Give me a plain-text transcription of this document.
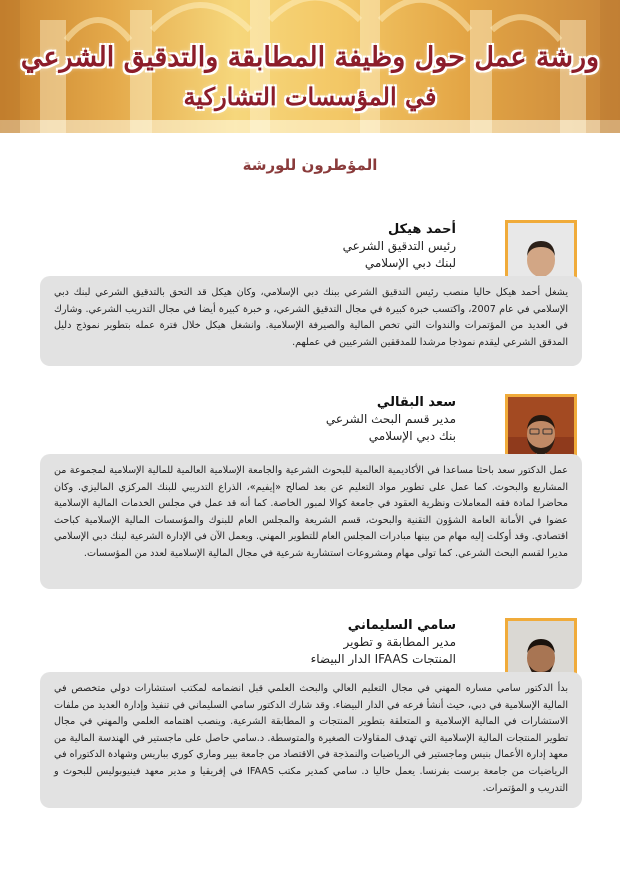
ورشة عمل حول وظيفة المطابقة والتدقيق الشرعي
في المؤسسات التشاركية
المؤطرون للورشة
أحمد هيكل
رئيس التدقيق الشرعي
لبنك دبي الإسلامي

يشغل أحمد هيكل حاليا منصب رئيس التدقيق الشرعي ببنك دبي الإسلامي، وكان هيكل قد التحق بالتدقيق الشرعي لبنك دبي الإسلامي في عام 2007، واكتسب خبرة كبيرة في مجال التدقيق الشرعي، و خبرة كبيرة أيضا في مجال التدريب الشرعي. وشارك في العديد من المؤتمرات والندوات التي تخص المالية والصيرفة الإسلامية. وانشغل هيكل خلال فترة عمله بتطوير نموذج دليل المدقق الشرعي ليقدم نموذجا مرشدا للمدققين الشرعيين في عملهم.

سعد البقالي
مدير قسم البحث الشرعي
بنك دبي الإسلامي

عمل الدكتور سعد باحثا مساعدا في الأكاديمية العالمية للبحوث الشرعية والجامعة الإسلامية العالمية للمالية الإسلامية لمجموعة من المشاريع والبحوث. كما عمل على تطوير مواد التعليم عن بعد لصالح «إيفيم»، الذراع التدريبي للبنك المركزي الماليزي. وكان محاضرا لمادة فقه المعاملات ونظرية العقود في جامعة كوالا لمبور الخاصة. كما أنه قد عمل في مجلس الخدمات المالية الإسلامية عضوا في الأمانة العامة الشؤون التقنية والبحوث، قسم الشريعة والمجلس العام للبنوك والمؤسسات المالية الإسلامية كباحث اقتصادي. وقد أوكلت إليه مهام من بينها مبادرات المجلس العام للتطوير المهني. ويعمل الآن في الإدارة الشرعية لبنك دبي الإسلامي مديرا لقسم البحث الشرعي. كما تولى مهام ومشروعات استشارية شرعية في مجال المالية الإسلامية لعدد من المؤسسات.

سامي السليماني
مدير المطابقة و تطوير
المنتجات IFAAS الدار البيضاء

بدأ الدكتور سامي مساره المهني في مجال التعليم العالي والبحث العلمي قبل انضمامه لمكتب استشارات دولي متخصص في المالية الإسلامية في دبي، حيث أنشأ فرعه في الدار البيضاء. وقد شارك الدكتور سامي السليماني في تنفيذ وإدارة العديد من ملفات الاستشارات في المالية الإسلامية و المتعلقة بتطوير المنتجات و المطابقة الشرعية. وينصب اهتمامه العلمي والمهني في مجال تطوير المنتجات المالية الإسلامية التي تهدف المقاولات الصغيرة والمتوسطة. د.سامي حاصل على ماجستير في الهندسة المالية من معهد إدارة الأعمال بنيس وماجستير في الرياضيات والنمذجة في الاقتصاد من جامعة بيير وماري كوري بباريس وشهادة الدكتوراه في الرياضيات من جامعة برست بفرنسا. يعمل حاليا د. سامي كمدير مكتب IFAAS في إفريقيا و مدير معهد فينيوبوليس للبحوث و التدريب و المؤتمرات.
